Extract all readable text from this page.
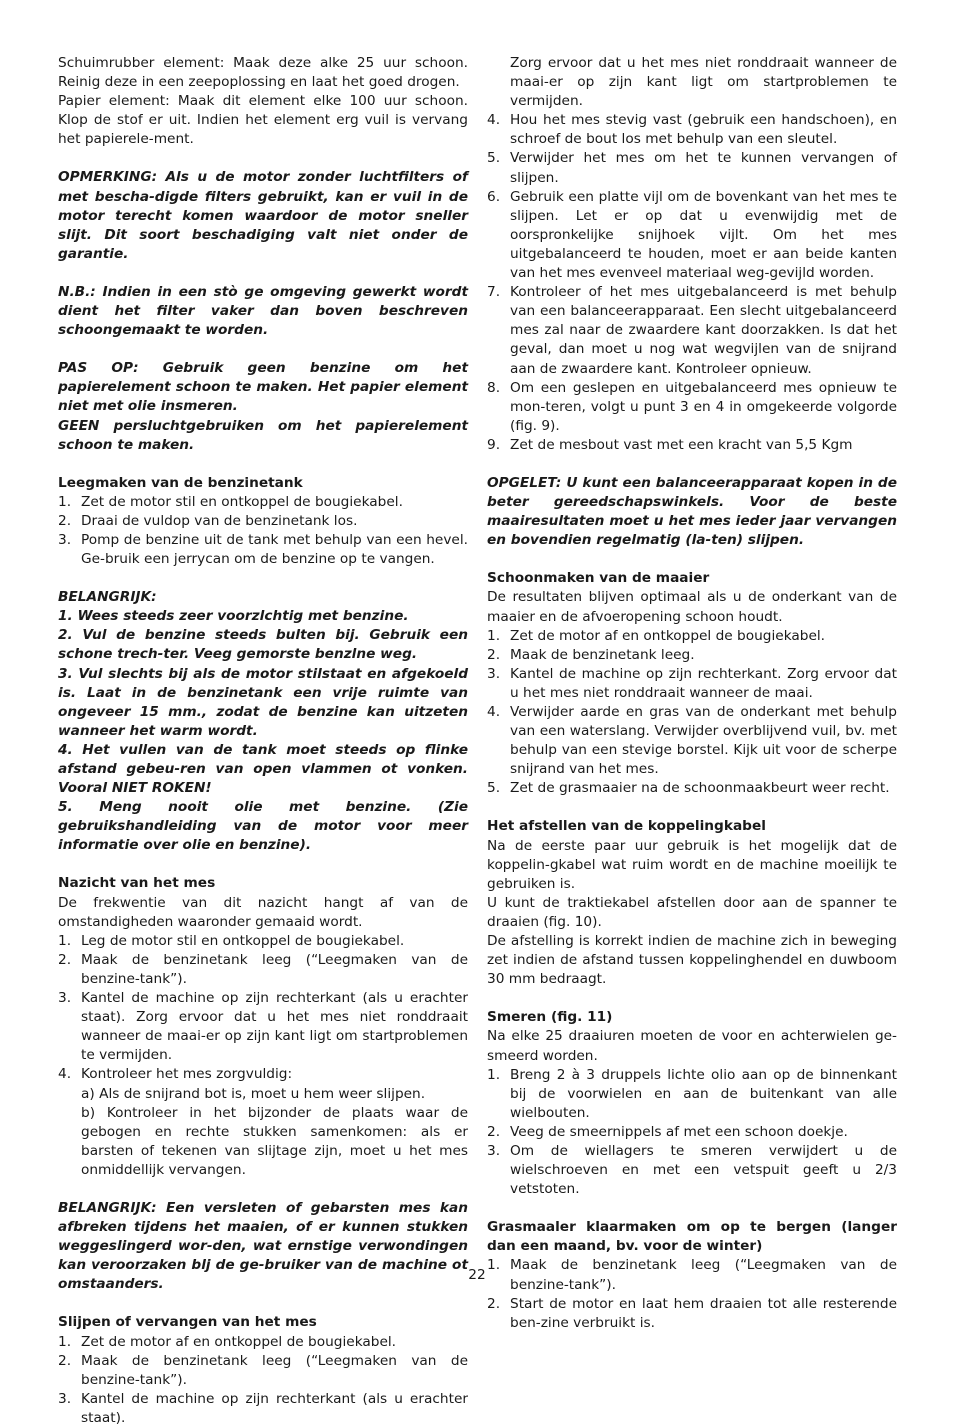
Schuimrubber element: Maak deze alke 25 uur schoon. Reinig deze in een zeepoplossing en laat het goed drogen.

Papier element: Maak dit element elke 100 uur schoon. Klop de stof er uit. Indien het element erg vuil is vervang het papierele-ment.

OPMERKING: Als u de motor zonder luchtfilters of met bescha-digde filters gebruikt, kan er vuil in de motor terecht komen waardoor de motor sneller slijt. Dit soort beschadiging valt niet onder de garantie.

N.B.: Indien in een stò ge omgeving gewerkt wordt dient het filter vaker dan boven beschreven schoongemaakt te worden.

PAS OP: Gebruik geen benzine om het papierelement schoon te maken. Het papier element niet met olie insmeren.

GEEN persluchtgebruiken om het papierelement schoon te maken.

Leegmaken van de benzinetank

1. Zet de motor stil en ontkoppel de bougiekabel.
2. Draai de vuldop van de benzinetank los.
3. Pomp de benzine uit de tank met behulp van een hevel. Ge-bruik een jerrycan om de benzine op te vangen.

BELANGRIJK:

1. Wees steeds zeer voorzlchtig met benzine.

2. Vul de benzine steeds bulten bij. Gebruik een schone trech-ter. Veeg gemorste benzlne weg.

3. Vul slechts bij als de motor stilstaat en afgekoeld is. Laat in de benzinetank een vrije ruimte van ongeveer 15 mm., zodat de benzine kan uitzeten wanneer het warm wordt.

4. Het vullen van de tank moet steeds op flinke afstand gebeu-ren van open vlammen ot vonken. Vooral NIET ROKEN!

5. Meng nooit olie met benzine. (Zie gebruikshandleiding van de motor voor meer informatie over olie en benzine).

Nazicht van het mes

De frekwentie van dit nazicht hangt af van de omstandigheden waaronder gemaaid wordt.

1. Leg de motor stil en ontkoppel de bougiekabel.
2. Maak de benzinetank leeg (“Leegmaken van de benzine-tank”).
3. Kantel de machine op zijn rechterkant (als u erachter staat). Zorg ervoor dat u het mes niet ronddraait wanneer de maai-er op zijn kant ligt om startproblemen te vermijden.
4. Kontroleer het mes zorgvuldig:
a) Als de snijrand bot is, moet u hem weer slijpen.
b) Kontroleer in het bijzonder de plaats waar de gebogen en rechte stukken samenkomen: als er barsten of tekenen van slijtage zijn, moet u het mes onmiddellijk vervangen.

BELANGRIJK: Een versleten of gebarsten mes kan afbreken tijdens het maaien, of er kunnen stukken weggeslingerd wor-den, wat ernstige verwondingen kan veroorzaken blj de ge-bruiker van de machine ot omstaanders.

Slijpen of vervangen van het mes

1. Zet de motor af en ontkoppel de bougiekabel.
2. Maak de benzinetank leeg (“Leegmaken van de benzine-tank”).
3. Kantel de machine op zijn rechterkant (als u erachter staat).
Zorg ervoor dat u het mes niet ronddraait wanneer de maai-er op zijn kant ligt om startproblemen te vermijden.
4. Hou het mes stevig vast (gebruik een handschoen), en schroef de bout los met behulp van een sleutel.
5. Verwijder het mes om het te kunnen vervangen of slijpen.
6. Gebruik een platte vijl om de bovenkant van het mes te slijpen. Let er op dat u evenwijdig met de oorspronkelijke snijhoek vijlt. Om het mes uitgebalanceerd te houden, moet er aan beide kanten van het mes evenveel materiaal weg-gevijld worden.
7. Kontroleer of het mes uitgebalanceerd is met behulp van een balanceerapparaat. Een slecht uitgebalanceerd mes zal naar de zwaardere kant doorzakken. Is dat het geval, dan moet u nog wat wegvijlen van de snijrand aan de zwaardere kant. Kontroleer opnieuw.
8. Om een geslepen en uitgebalanceerd mes opnieuw te mon-teren, volgt u punt 3 en 4 in omgekeerde volgorde (fig. 9).
9. Zet de mesbout vast met een kracht van 5,5 Kgm

OPGELET: U kunt een balanceerapparaat kopen in de beter gereedschapswinkels. Voor de beste maairesultaten moet u het mes ieder jaar vervangen en bovendien regelmatig (la-ten) slijpen.

Schoonmaken van de maaier

De resultaten blijven optimaal als u de onderkant van de maaier en de afvoeropening schoon houdt.

1. Zet de motor af en ontkoppel de bougiekabel.
2. Maak de benzinetank leeg.
3. Kantel de machine op zijn rechterkant. Zorg ervoor dat u het mes niet ronddraait wanneer de maai.
4. Verwijder aarde en gras van de onderkant met behulp van een waterslang. Verwijder overblijvend vuil, bv. met behulp van een stevige borstel. Kijk uit voor de scherpe snijrand van het mes.
5. Zet de grasmaaier na de schoonmaakbeurt weer recht.

Het afstellen van de koppelingkabel

Na de eerste paar uur gebruik is het mogelijk dat de koppelin-gkabel wat ruim wordt en de machine moeilijk te gebruiken is.

U kunt de traktiekabel afstellen door aan de spanner te draaien (fig. 10).

De afstelling is korrekt indien de machine zich in beweging zet indien de afstand tussen koppelinghendel en duwboom 30 mm bedraagt.

Smeren (fig. 11)

Na elke 25 draaiuren moeten de voor en achterwielen ge-smeerd worden.

1. Breng 2 à 3 druppels lichte olio aan op de binnenkant bij de voorwielen en aan de buitenkant van alle wielbouten.
2. Veeg de smeernippels af met een schoon doekje.
3. Om de wiellagers te smeren verwijdert u de wielschroeven en met een vetspuit geeft u 2/3 vetstoten.

Grasmaaler klaarmaken om op te bergen (langer dan een maand, bv. voor de winter)

1. Maak de benzinetank leeg (“Leegmaken van de benzine-tank”).
2. Start de motor en laat hem draaien tot alle resterende ben-zine verbruikt is.
22
